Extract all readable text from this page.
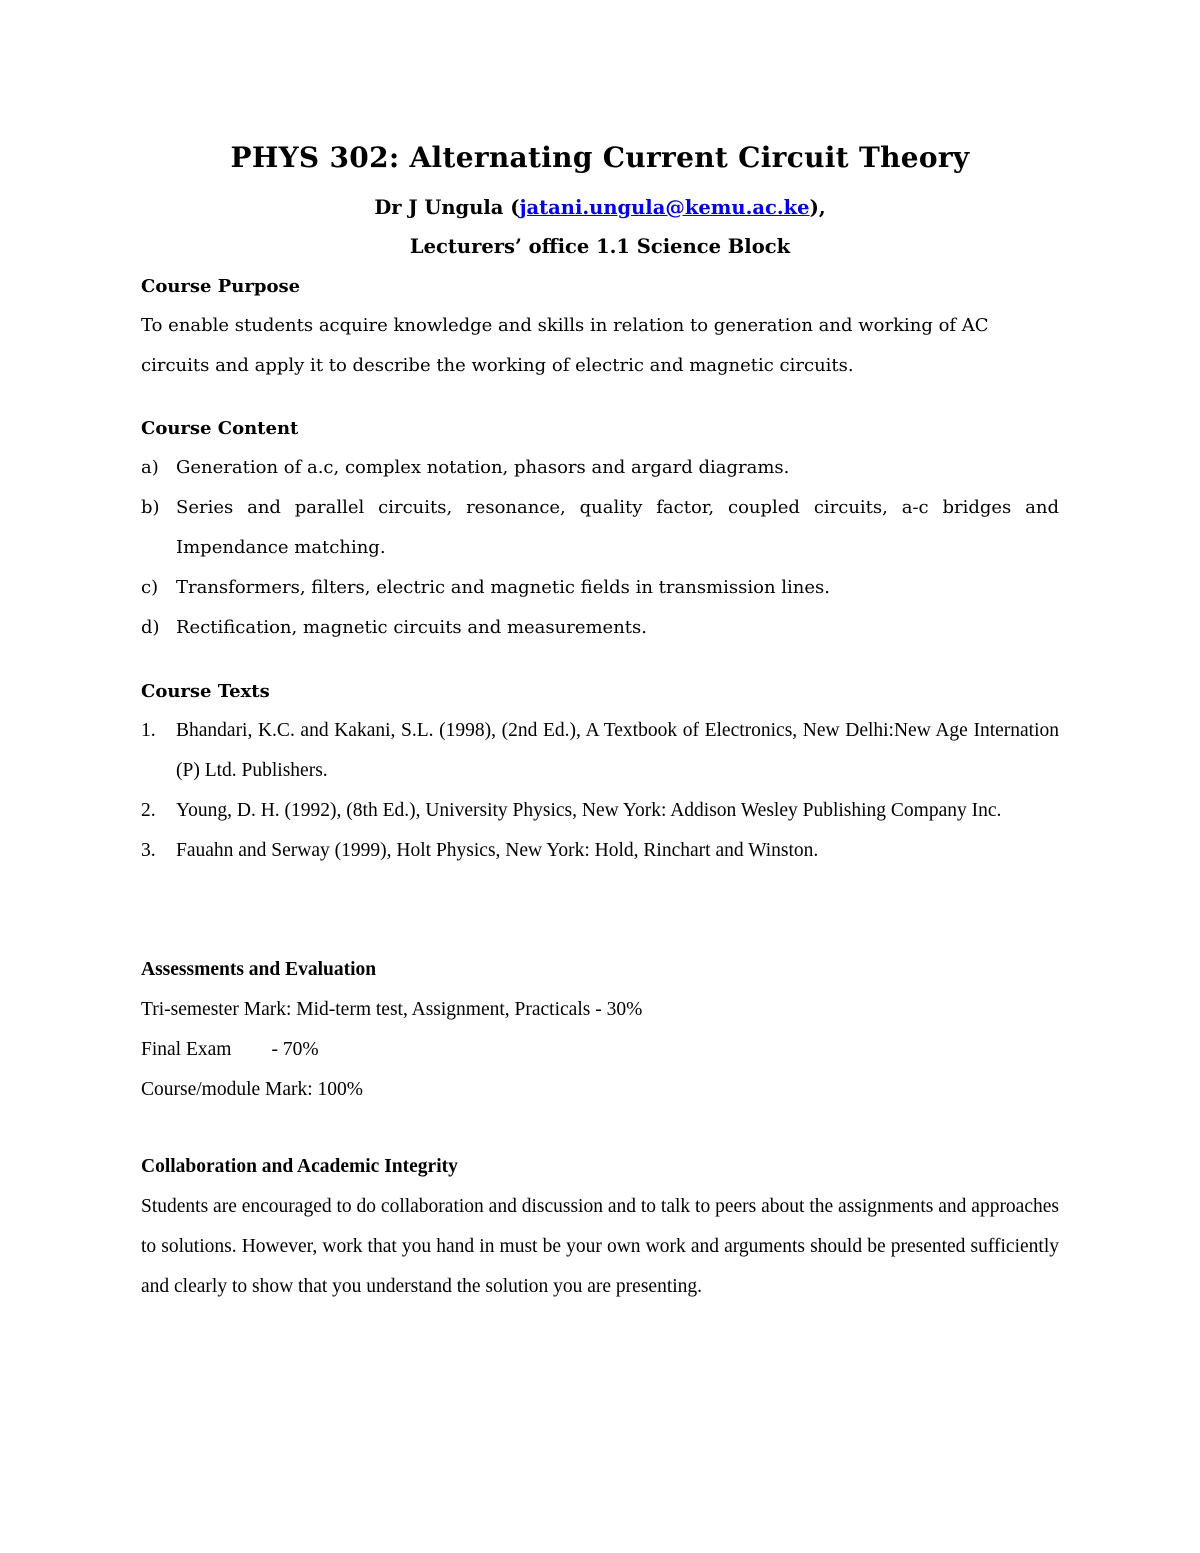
PHYS 302: Alternating Current Circuit Theory
Dr J Ungula (jatani.ungula@kemu.ac.ke),
Lecturers’ office 1.1 Science Block
Course Purpose
To enable students acquire knowledge and skills in relation to generation and working of AC circuits and apply it to describe the working of electric and magnetic circuits.
Course Content
a) Generation of a.c, complex notation, phasors and argard diagrams.
b) Series and parallel circuits, resonance, quality factor, coupled circuits, a-c bridges and Impendance matching.
c) Transformers, filters, electric and magnetic fields in transmission lines.
d) Rectification, magnetic circuits and measurements.
Course Texts
1. Bhandari, K.C. and Kakani, S.L. (1998), (2nd Ed.), A Textbook of Electronics, New Delhi:New Age Internation (P) Ltd. Publishers.
2. Young, D. H. (1992), (8th Ed.), University Physics, New York: Addison Wesley Publishing Company Inc.
3. Fauahn and Serway (1999), Holt Physics, New York: Hold, Rinchart and Winston.
Assessments and Evaluation
Tri-semester Mark: Mid-term test, Assignment, Practicals - 30%
Final Exam - 70%
Course/module Mark: 100%
Collaboration and Academic Integrity
Students are encouraged to do collaboration and discussion and to talk to peers about the assignments and approaches to solutions. However, work that you hand in must be your own work and arguments should be presented sufficiently and clearly to show that you understand the solution you are presenting.
